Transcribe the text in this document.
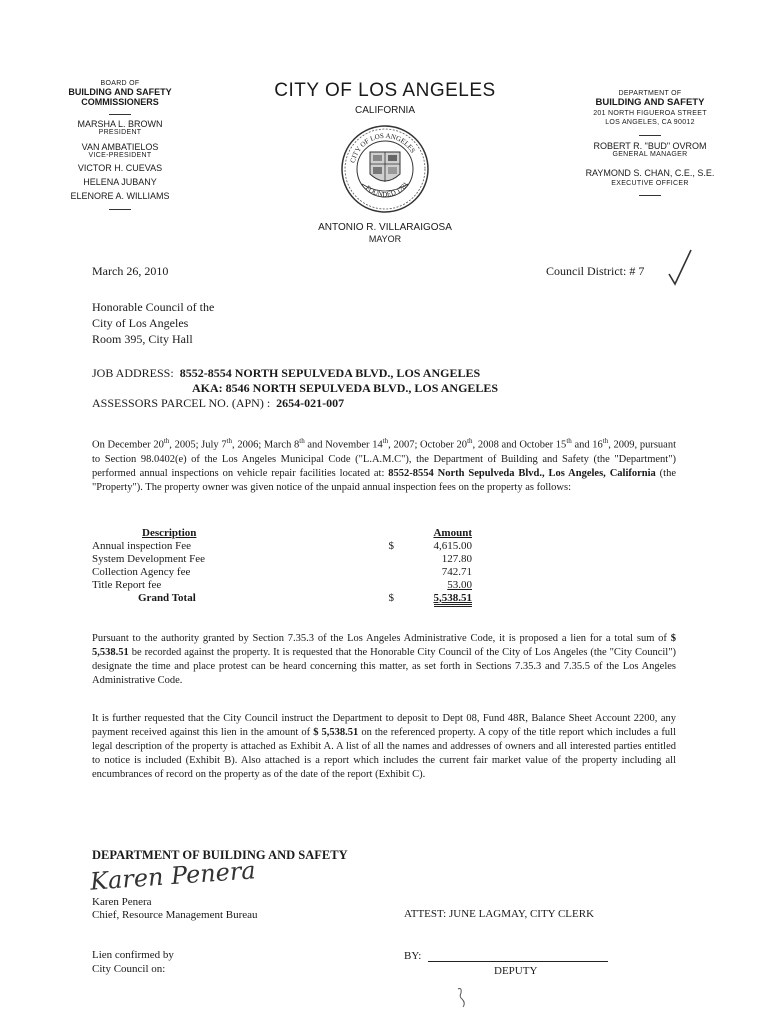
BOARD OF
BUILDING AND SAFETY
COMMISSIONERS
MARSHA L. BROWN
PRESIDENT
VAN AMBATIELOS
VICE-PRESIDENT
VICTOR H. CUEVAS
HELENA JUBANY
ELENORE A. WILLIAMS
CITY OF LOS ANGELES
CALIFORNIA
CITY OF LOS ANGELES
FOUNDED 1781
ANTONIO R. VILLARAIGOSA
MAYOR
DEPARTMENT OF
BUILDING AND SAFETY
201 NORTH FIGUEROA STREET
LOS ANGELES, CA 90012
ROBERT R. "BUD" OVROM
GENERAL MANAGER
RAYMOND S. CHAN, C.E., S.E.
EXECUTIVE OFFICER
March 26, 2010	Council District: # 7
Honorable Council of the
City of Los Angeles
Room 395, City Hall
JOB ADDRESS: 8552-8554 NORTH SEPULVEDA BLVD., LOS ANGELES
AKA: 8546 NORTH SEPULVEDA BLVD., LOS ANGELES
ASSESSORS PARCEL NO. (APN) : 2654-021-007
On December 20th, 2005; July 7th, 2006; March 8th and November 14th, 2007; October 20th, 2008 and October 15th and 16th, 2009, pursuant to Section 98.0402(e) of the Los Angeles Municipal Code ("L.A.M.C"), the Department of Building and Safety (the "Department") performed annual inspections on vehicle repair facilities located at: 8552-8554 North Sepulveda Blvd., Los Angeles, California (the "Property"). The property owner was given notice of the unpaid annual inspection fees on the property as follows:
Description		Amount
Annual inspection Fee	$	4,615.00
System Development Fee		127.80
Collection Agency fee		742.71
Title Report fee		53.00
Grand Total	$	5,538.51
Pursuant to the authority granted by Section 7.35.3 of the Los Angeles Administrative Code, it is proposed a lien for a total sum of $ 5,538.51 be recorded against the property. It is requested that the Honorable City Council of the City of Los Angeles (the "City Council") designate the time and place protest can be heard concerning this matter, as set forth in Sections 7.35.3 and 7.35.5 of the Los Angeles Administrative Code.
It is further requested that the City Council instruct the Department to deposit to Dept 08, Fund 48R, Balance Sheet Account 2200, any payment received against this lien in the amount of $ 5,538.51 on the referenced property. A copy of the title report which includes a full legal description of the property is attached as Exhibit A. A list of all the names and addresses of owners and all interested parties entitled to notice is included (Exhibit B). Also attached is a report which includes the current fair market value of the property including all encumbrances of record on the property as of the date of the report (Exhibit C).
DEPARTMENT OF BUILDING AND SAFETY
Karen Penera
Karen Penera
Chief, Resource Management Bureau	ATTEST: JUNE LAGMAY, CITY CLERK
Lien confirmed by
City Council on:
BY:
DEPUTY
